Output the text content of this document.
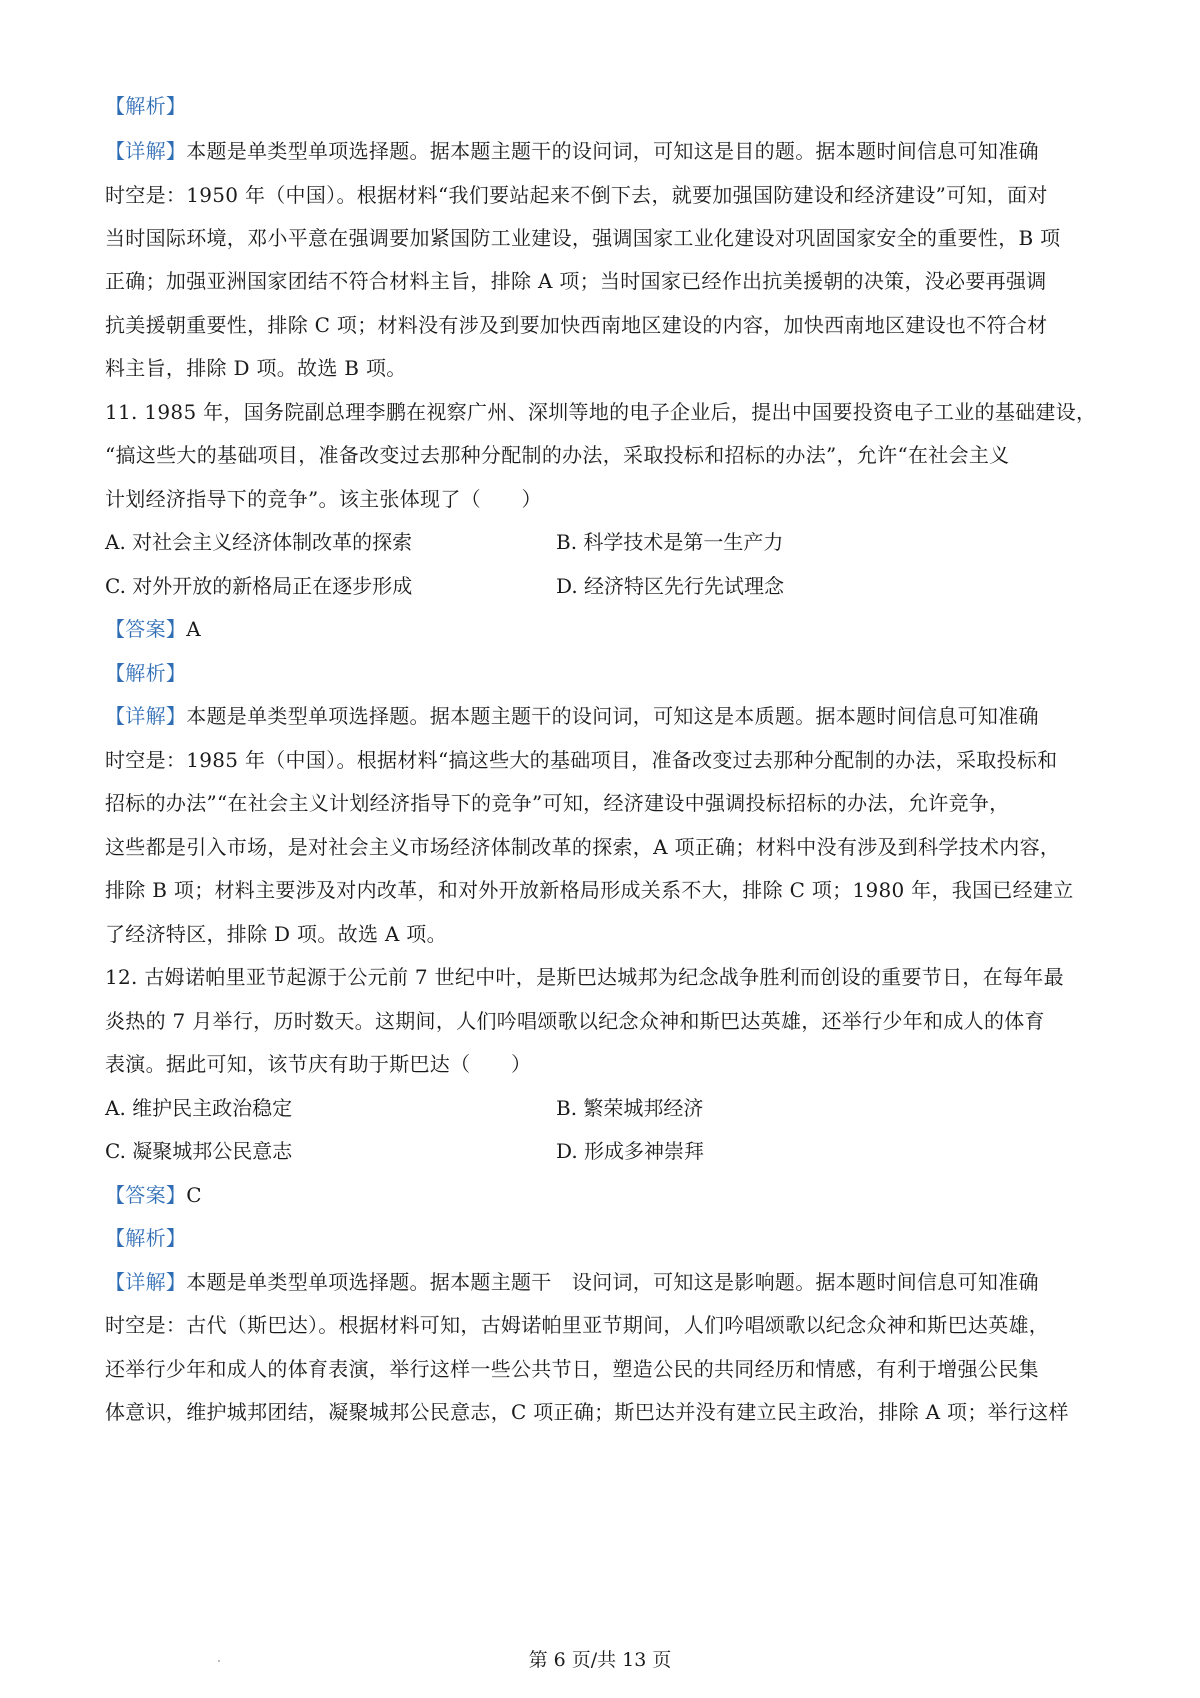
【解析】
【详解】本题是单类型单项选择题。据本题主题干的设问词，可知这是目的题。据本题时间信息可知准确
时空是：1950 年（中国）。根据材料“我们要站起来不倒下去，就要加强国防建设和经济建设”可知，面对
当时国际环境，邓小平意在强调要加紧国防工业建设，强调国家工业化建设对巩固国家安全的重要性，B 项
正确；加强亚洲国家团结不符合材料主旨，排除 A 项；当时国家已经作出抗美援朝的决策，没必要再强调
抗美援朝重要性，排除 C 项；材料没有涉及到要加快西南地区建设的内容，加快西南地区建设也不符合材
料主旨，排除 D 项。故选 B 项。
11. 1985 年，国务院副总理李鹏在视察广州、深圳等地的电子企业后，提出中国要投资电子工业的基础建设，
“搞这些大的基础项目，准备改变过去那种分配制的办法，采取投标和招标的办法”，允许“在社会主义
计划经济指导下的竞争”。该主张体现了（　　）
A. 对社会主义经济体制改革的探索	B. 科学技术是第一生产力
C. 对外开放的新格局正在逐步形成	D. 经济特区先行先试理念
【答案】A
【解析】
【详解】本题是单类型单项选择题。据本题主题干的设问词，可知这是本质题。据本题时间信息可知准确
时空是：1985 年（中国）。根据材料“搞这些大的基础项目，准备改变过去那种分配制的办法，采取投标和
招标的办法”“在社会主义计划经济指导下的竞争”可知，经济建设中强调投标招标的办法，允许竞争，
这些都是引入市场，是对社会主义市场经济体制改革的探索，A 项正确；材料中没有涉及到科学技术内容，
排除 B 项；材料主要涉及对内改革，和对外开放新格局形成关系不大，排除 C 项；1980 年，我国已经建立
了经济特区，排除 D 项。故选 A 项。
12. 古姆诺帕里亚节起源于公元前 7 世纪中叶，是斯巴达城邦为纪念战争胜利而创设的重要节日，在每年最
炎热的 7 月举行，历时数天。这期间，人们吟唱颂歌以纪念众神和斯巴达英雄，还举行少年和成人的体育
表演。据此可知，该节庆有助于斯巴达（　　）
A. 维护民主政治稳定	B. 繁荣城邦经济
C. 凝聚城邦公民意志	D. 形成多神崇拜
【答案】C
【解析】
【详解】本题是单类型单项选择题。据本题主题干　设问词，可知这是影响题。据本题时间信息可知准确
时空是：古代（斯巴达）。根据材料可知，古姆诺帕里亚节期间，人们吟唱颂歌以纪念众神和斯巴达英雄，
还举行少年和成人的体育表演，举行这样一些公共节日，塑造公民的共同经历和情感，有利于增强公民集
体意识，维护城邦团结，凝聚城邦公民意志，C 项正确；斯巴达并没有建立民主政治，排除 A 项；举行这样
第 6 页/共 13 页
